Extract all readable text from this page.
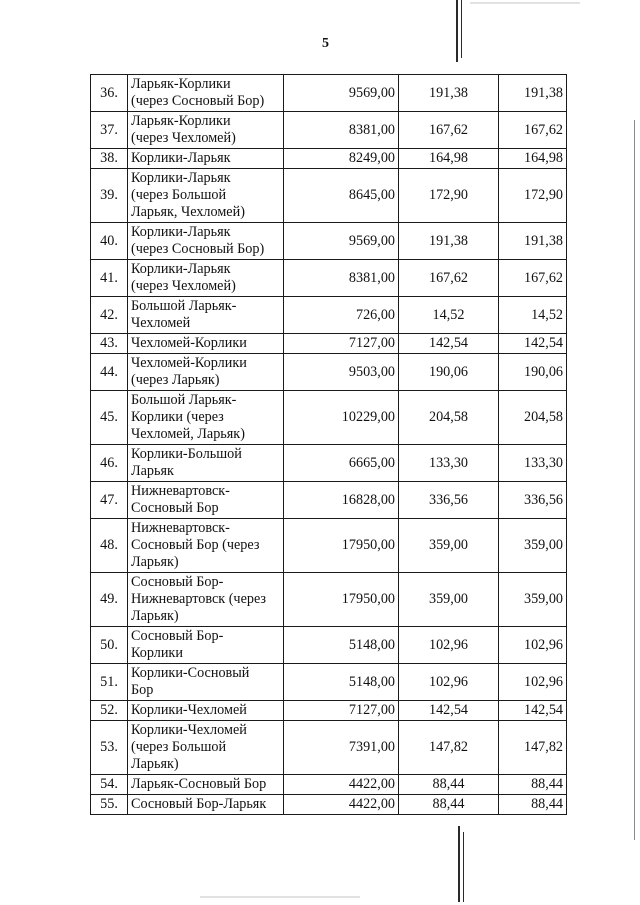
5
36.	Ларьяк-Корлики
(через Сосновый Бор)	9569,00	191,38	191,38
37.	Ларьяк-Корлики
(через Чехломей)	8381,00	167,62	167,62
38.	Корлики-Ларьяк	8249,00	164,98	164,98
39.	Корлики-Ларьяк
(через Большой
Ларьяк, Чехломей)	8645,00	172,90	172,90
40.	Корлики-Ларьяк
(через Сосновый Бор)	9569,00	191,38	191,38
41.	Корлики-Ларьяк
(через Чехломей)	8381,00	167,62	167,62
42.	Большой Ларьяк-
Чехломей	726,00	14,52	14,52
43.	Чехломей-Корлики	7127,00	142,54	142,54
44.	Чехломей-Корлики
(через Ларьяк)	9503,00	190,06	190,06
45.	Большой Ларьяк-
Корлики (через
Чехломей, Ларьяк)	10229,00	204,58	204,58
46.	Корлики-Большой
Ларьяк	6665,00	133,30	133,30
47.	Нижневартовск-
Сосновый Бор	16828,00	336,56	336,56
48.	Нижневартовск-
Сосновый Бор (через
Ларьяк)	17950,00	359,00	359,00
49.	Сосновый Бор-
Нижневартовск (через
Ларьяк)	17950,00	359,00	359,00
50.	Сосновый Бор-
Корлики	5148,00	102,96	102,96
51.	Корлики-Сосновый
Бор	5148,00	102,96	102,96
52.	Корлики-Чехломей	7127,00	142,54	142,54
53.	Корлики-Чехломей
(через Большой
Ларьяк)	7391,00	147,82	147,82
54.	Ларьяк-Сосновый Бор	4422,00	88,44	88,44
55.	Сосновый Бор-Ларьяк	4422,00	88,44	88,44
